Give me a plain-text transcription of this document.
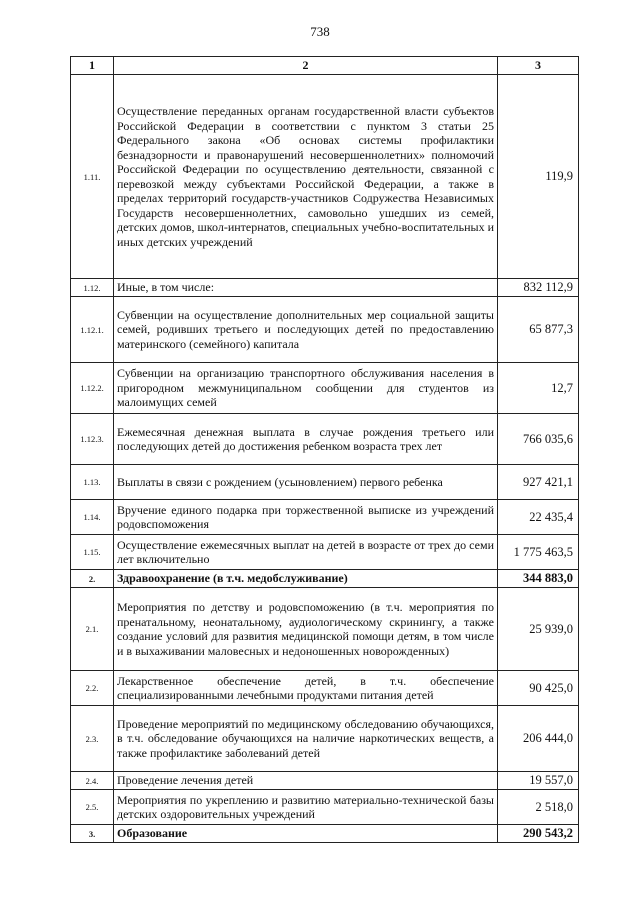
738
1	2	3
1.11.	Осуществление переданных органам государственной власти субъектов Российской Федерации в соответствии с пунктом 3 статьи 25 Федерального закона «Об основах системы профилактики безнадзорности и правонарушений несовершеннолетних» полномочий Российской Федерации по осуществлению деятельности, связанной с перевозкой между субъектами Российской Федерации, а также в пределах территорий государств-участников Содружества Независимых Государств несовершеннолетних, самовольно ушедших из семей, детских домов, школ-интернатов, специальных учебно-воспитательных и иных детских учреждений	119,9
1.12.	Иные, в том числе:	832 112,9
1.12.1.	Субвенции на осуществление дополнительных мер социальной защиты семей, родивших третьего и последующих детей по предоставлению материнского (семейного) капитала	65 877,3
1.12.2.	Субвенции на организацию транспортного обслуживания населения в пригородном межмуниципальном сообщении для студентов из малоимущих семей	12,7
1.12.3.	Ежемесячная денежная выплата в случае рождения третьего или последующих детей до достижения ребенком возраста трех лет	766 035,6
1.13.	Выплаты в связи с рождением (усыновлением) первого ребенка	927 421,1
1.14.	Вручение единого подарка при торжественной выписке из учреждений родовспоможения	22 435,4
1.15.	Осуществление ежемесячных выплат на детей в возрасте от трех до семи лет включительно	1 775 463,5
2.	Здравоохранение (в т.ч. медобслуживание)	344 883,0
2.1.	Мероприятия по детству и родовспоможению (в т.ч. мероприятия по пренатальному, неонатальному, аудиологическому скринингу, а также создание условий для развития медицинской помощи детям, в том числе и в выхаживании маловесных и недоношенных новорожденных)	25 939,0
2.2.	Лекарственное обеспечение детей, в т.ч. обеспечение специализированными лечебными продуктами питания детей	90 425,0
2.3.	Проведение мероприятий по медицинскому обследованию обучающихся, в т.ч. обследование обучающихся на наличие наркотических веществ, а также профилактике заболеваний детей	206 444,0
2.4.	Проведение лечения детей	19 557,0
2.5.	Мероприятия по укреплению и развитию материально-технической базы детских оздоровительных учреждений	2 518,0
3.	Образование	290 543,2
